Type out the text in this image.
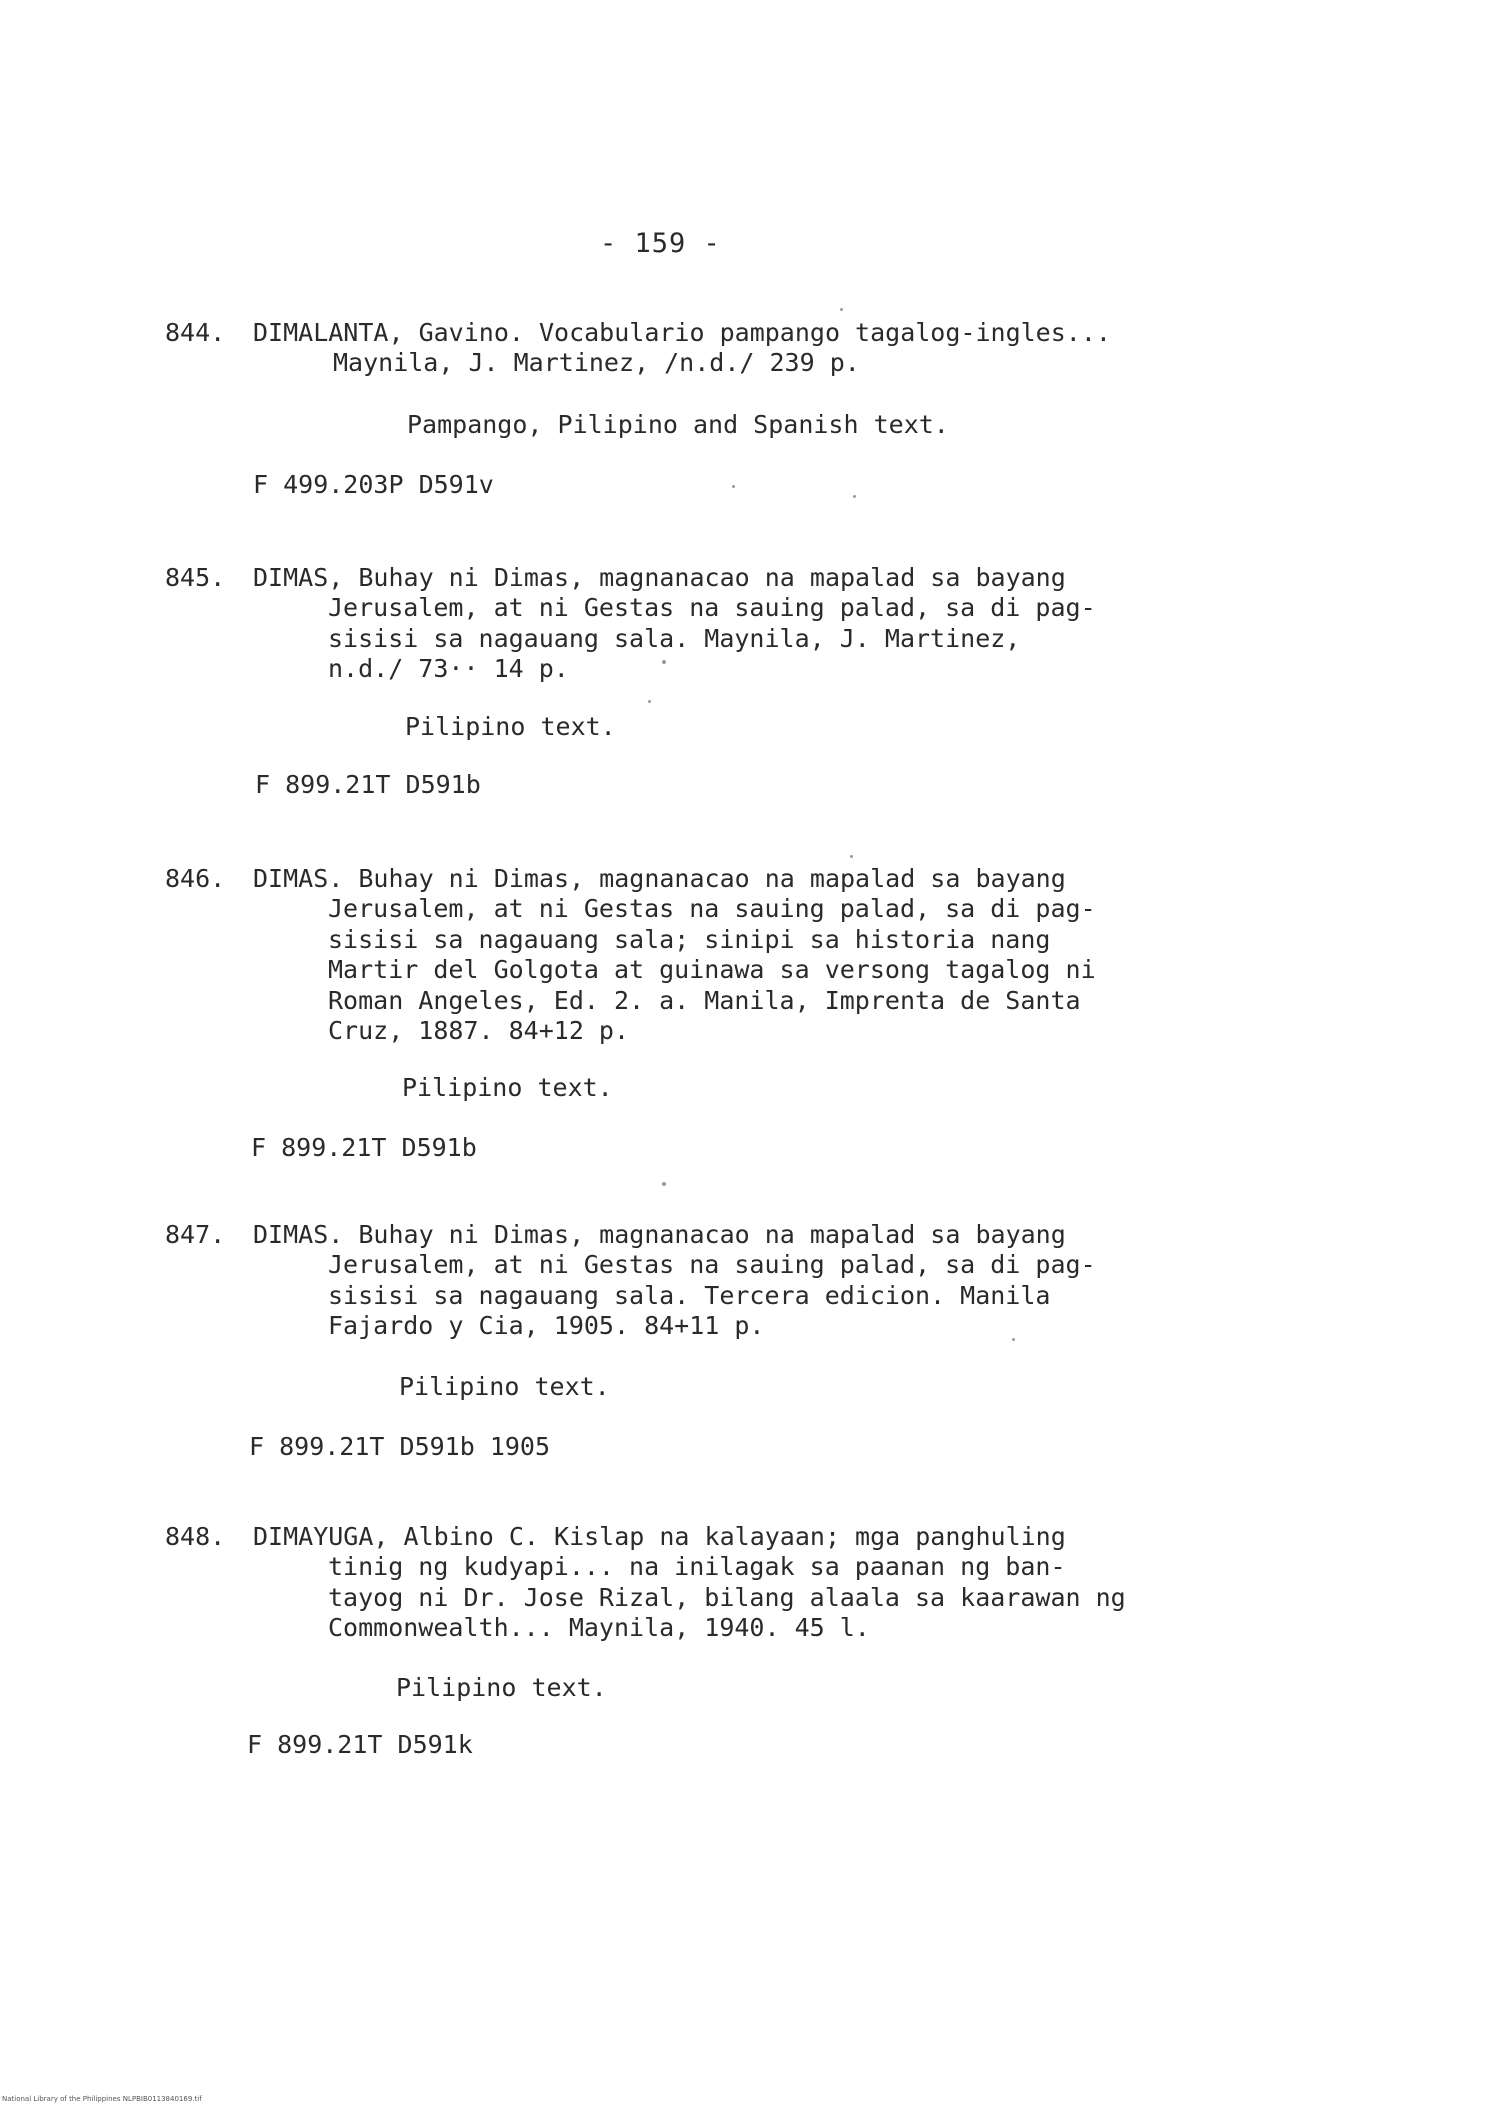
- 159 -
844. DIMALANTA, Gavino. Vocabulario pampango tagalog-ingles...
Maynila, J. Martinez, /n.d./ 239 p.
Pampango, Pilipino and Spanish text.
F 499.203P D591v
845. DIMAS, Buhay ni Dimas, magnanacao na mapalad sa bayang
Jerusalem, at ni Gestas na sauing palad, sa di pag-
sisisi sa nagauang sala. Maynila, J. Martinez,
n.d./ 73·· 14 p.
Pilipino text.
F 899.21T D591b
846. DIMAS. Buhay ni Dimas, magnanacao na mapalad sa bayang
Jerusalem, at ni Gestas na sauing palad, sa di pag-
sisisi sa nagauang sala; sinipi sa historia nang
Martir del Golgota at guinawa sa versong tagalog ni
Roman Angeles, Ed. 2. a. Manila, Imprenta de Santa
Cruz, 1887. 84+12 p.
Pilipino text.
F 899.21T D591b
847. DIMAS. Buhay ni Dimas, magnanacao na mapalad sa bayang
Jerusalem, at ni Gestas na sauing palad, sa di pag-
sisisi sa nagauang sala. Tercera edicion. Manila
Fajardo y Cia, 1905. 84+11 p.
Pilipino text.
F 899.21T D591b 1905
848. DIMAYUGA, Albino C. Kislap na kalayaan; mga panghuling
tinig ng kudyapi... na inilagak sa paanan ng ban-
tayog ni Dr. Jose Rizal, bilang alaala sa kaarawan ng
Commonwealth... Maynila, 1940. 45 l.
Pilipino text.
F 899.21T D591k
National Library of the Philippines NLPBIB0113840169.tif
